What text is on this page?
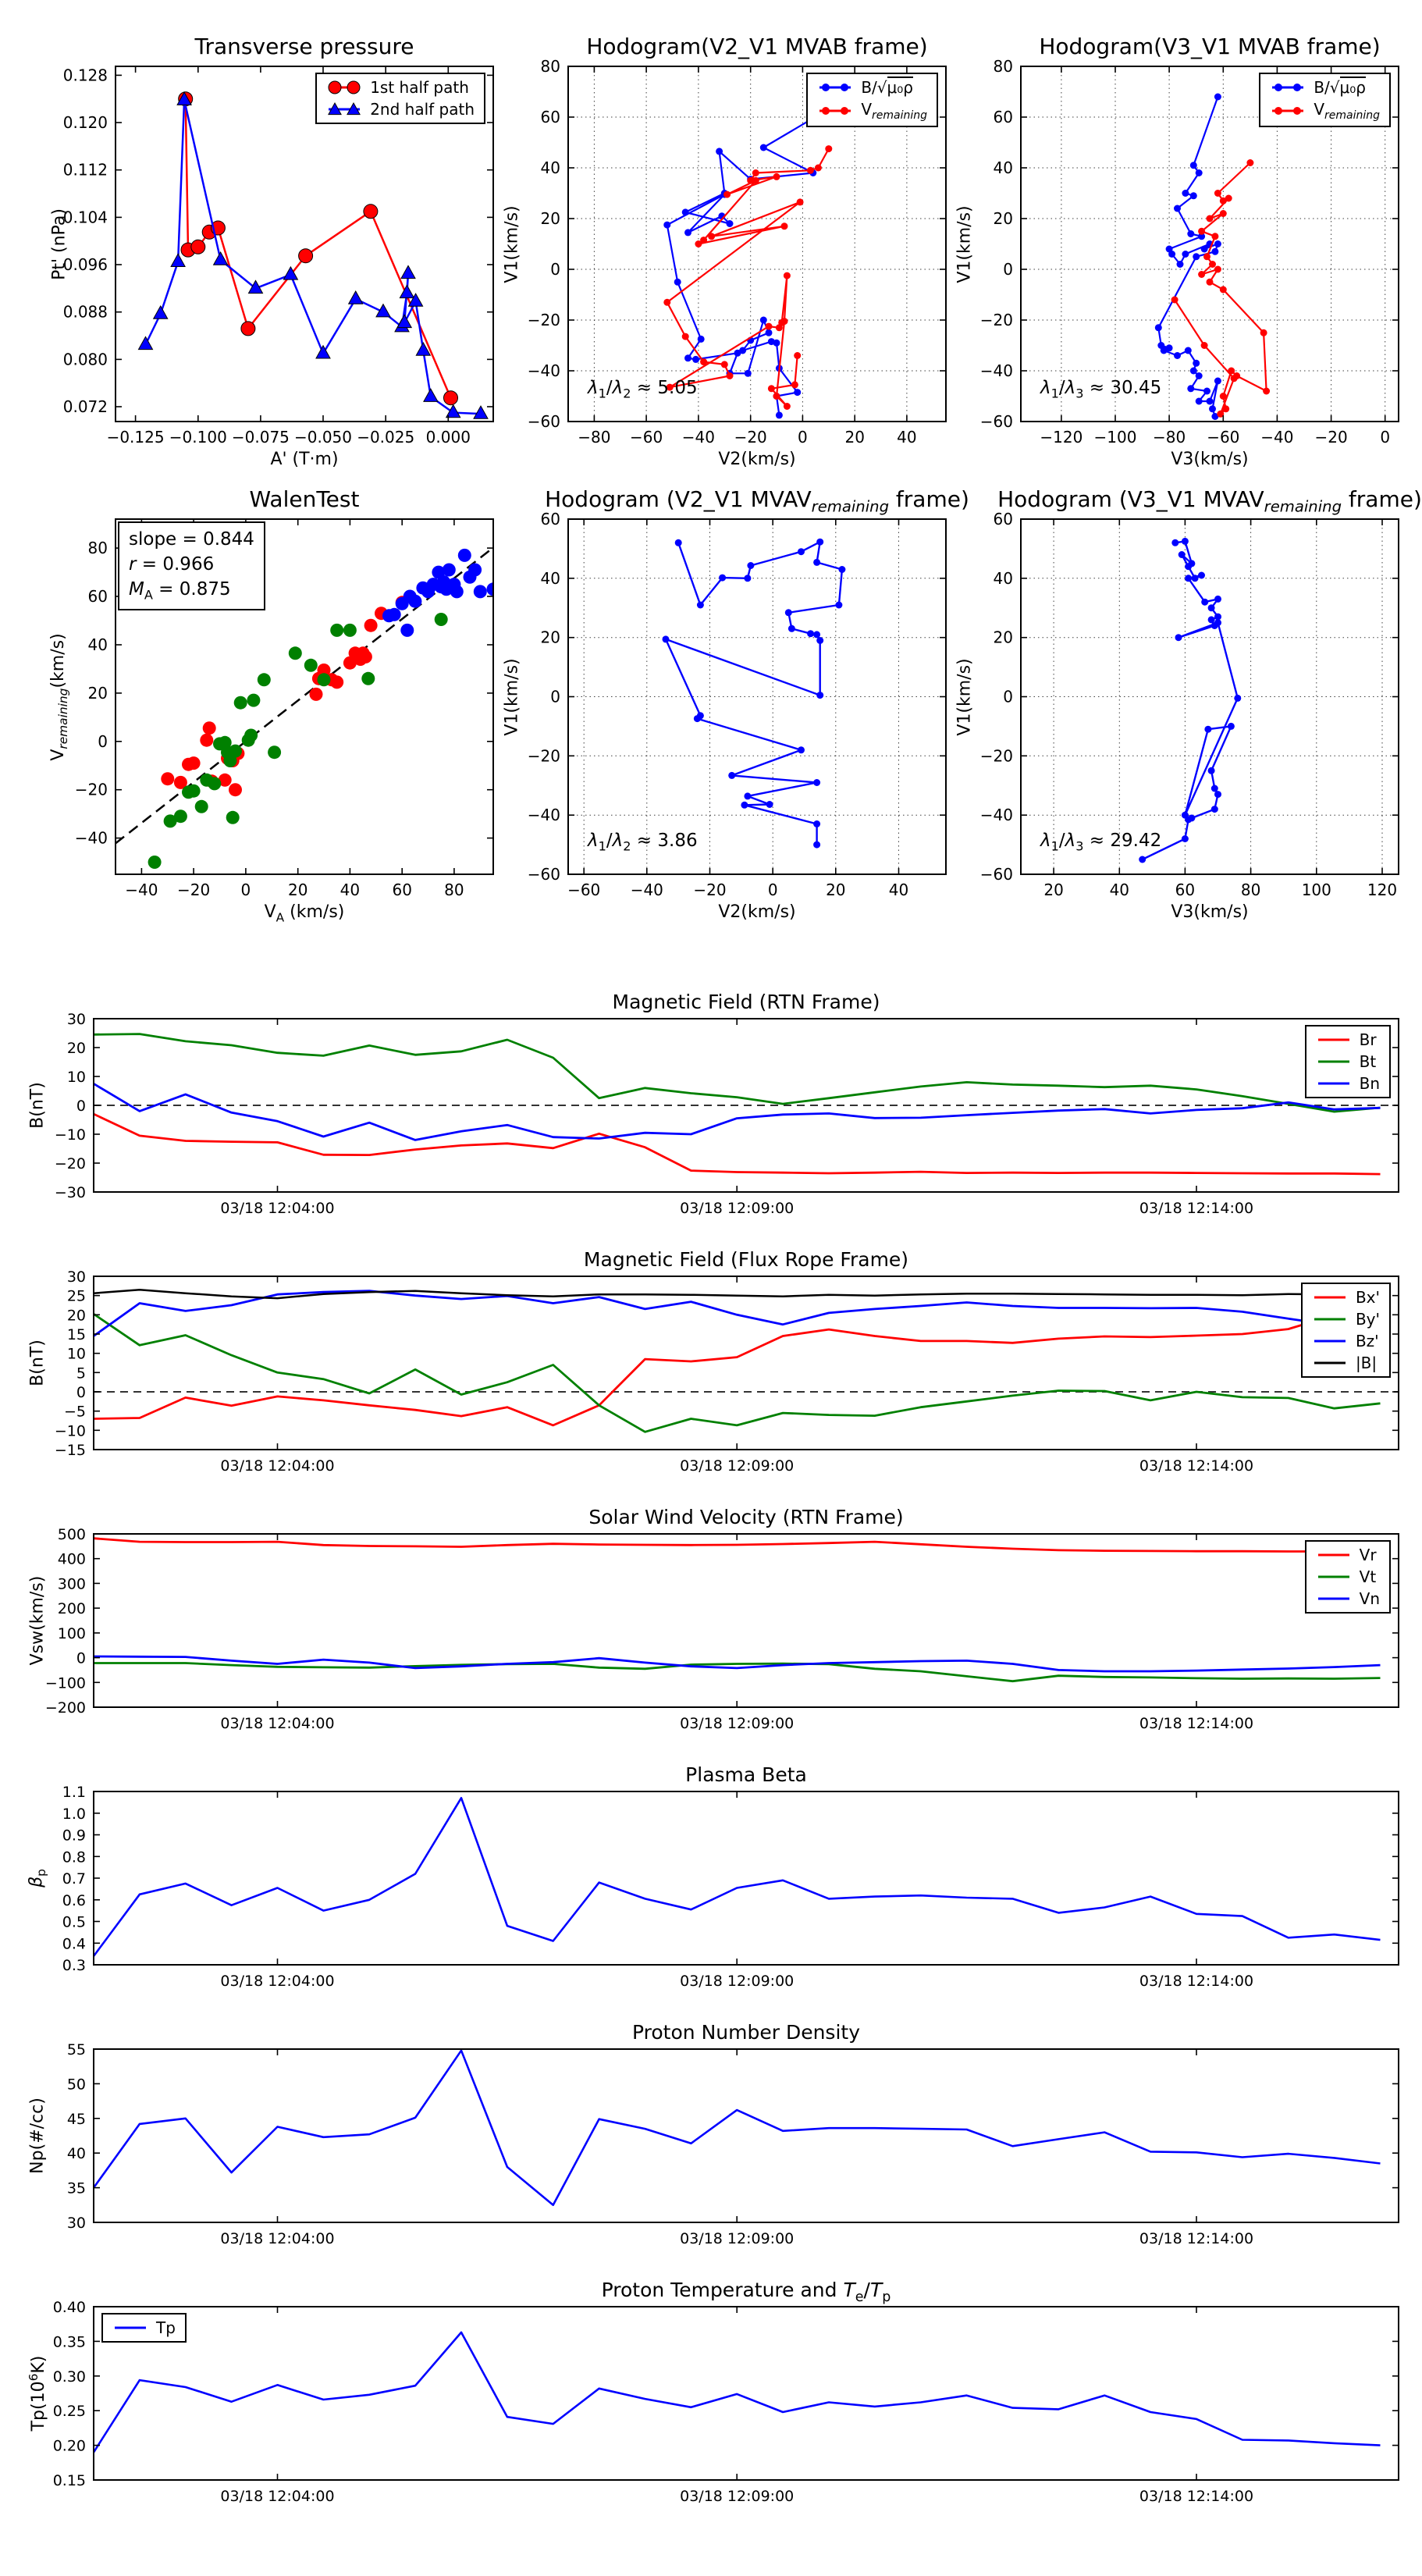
−0.125 −0.100 −0.075 −0.050 −0.025 0.000
0.072
0.080
0.088
0.096
0.104
0.112
0.120
0.128
Transverse pressure
A' (T·m)
Pt' (nPa)
1st half path
2nd half path
−80 −60 −40 −20 0 20 40
−60
−40
−20
0
20
40
60
80
Hodogram(V2_V1 MVAB frame)
V2(km/s)
V1(km/s)
$\lambda_1/\lambda_2 \approx 5.05$
B/√μ₀ρ
$V_{remaining}$
−120 −100 −80 −60 −40 −20 0
−60
−40
−20
0
20
40
60
80
Hodogram(V3_V1 MVAB frame)
V3(km/s)
V1(km/s)
$\lambda_1/\lambda_3 \approx 30.45$
B/√μ₀ρ
$V_{remaining}$
−40 −20 0 20 40 60 80
−40
−20
0
20
40
60
80
WalenTest
$V_A$ (km/s)
$V_{remaining}(km/s)$
slope = 0.844
r = 0.966
$M_A = 0.875$
−60 −40 −20	0	20	40
−60
−40
−20
0
20
40
60
Hodogram (V2_V1 $MVAV_{remaining}$ frame)
V2(km/s)
V1(km/s)
$\lambda_1/\lambda_2 \approx 3.86$
20	40	60	80	100 120
−60
−40
−20
0
20
40
60
Hodogram (V3_V1 $MVAV_{remaining}$ frame)
V3(km/s)
V1(km/s)
$\lambda_1/\lambda_3 \approx 29.42$
03/18 12:04:00	03/18 12:09:00	03/18 12:14:00
−30
−20
−10
0
10
20
30
Magnetic Field (RTN Frame)
B(nT)
Br
Bt
Bn
03/18 12:04:00	03/18 12:09:00	03/18 12:14:00
−15
−10
−5
0
5
10
15
20
25
30
Magnetic Field (Flux Rope Frame)
B(nT)
Bx'
By'
Bz'
|B|
03/18 12:04:00	03/18 12:09:00	03/18 12:14:00
−200
−100
0
100
200
300
400
500
Solar Wind Velocity (RTN Frame)
Vsw(km/s)
Vr
Vt
Vn
03/18 12:04:00	03/18 12:09:00	03/18 12:14:00
0.3
0.4
0.5
0.6
0.7
0.8
0.9
1.0
1.1
Plasma Beta
$\beta_p$
03/18 12:04:00	03/18 12:09:00	03/18 12:14:00
30
35
40
45
50
55
Proton Number Density
Np(#/cc)
03/18 12:04:00	03/18 12:09:00	03/18 12:14:00
0.15
0.20
0.25
0.30
0.35
0.40
Proton Temperature and $T_e/T_p$
$Tp(10^6K)$
Tp
